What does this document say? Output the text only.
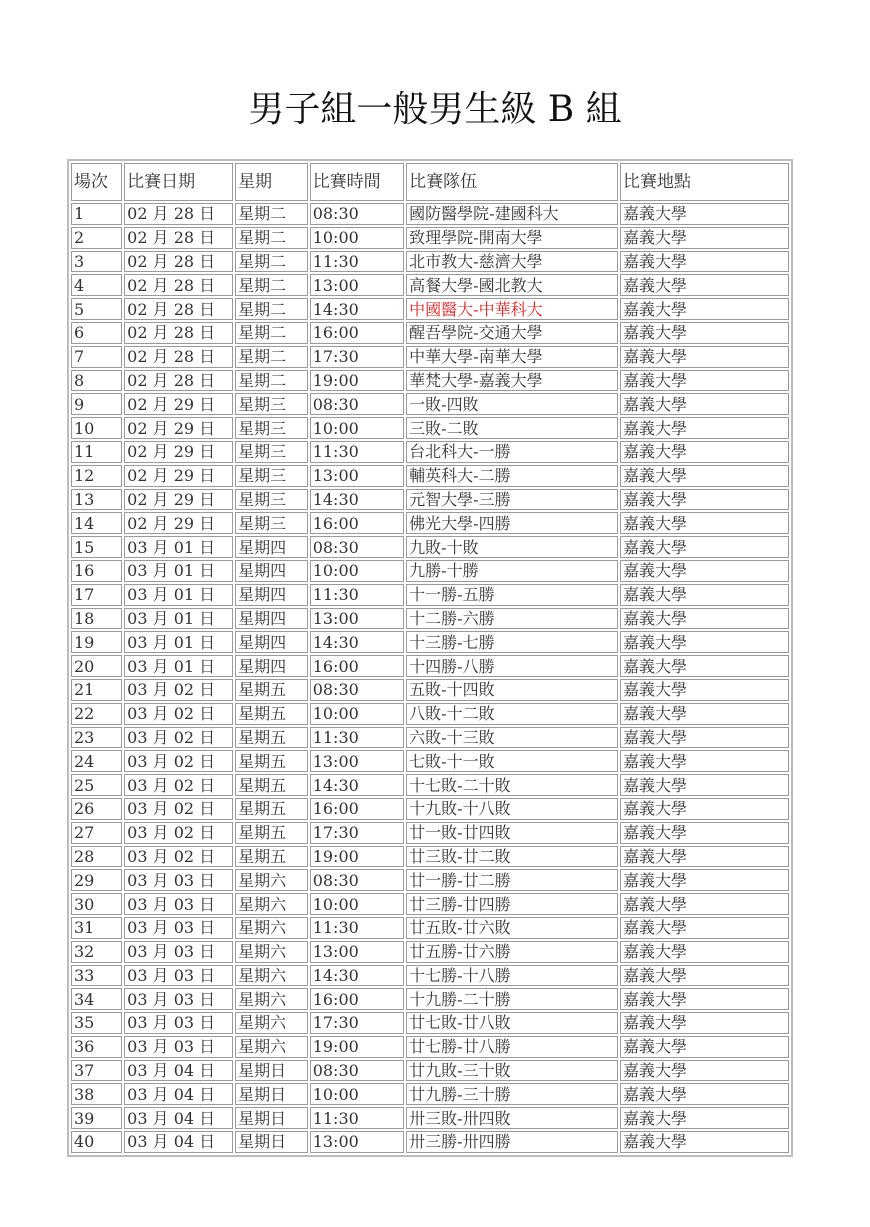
男子組一般男生級 B 組
場次	比賽日期	星期	比賽時間	比賽隊伍	比賽地點
1	02 月 28 日	星期二	08:30	國防醫學院-建國科大	嘉義大學
2	02 月 28 日	星期二	10:00	致理學院-開南大學	嘉義大學
3	02 月 28 日	星期二	11:30	北市教大-慈濟大學	嘉義大學
4	02 月 28 日	星期二	13:00	高餐大學-國北教大	嘉義大學
5	02 月 28 日	星期二	14:30	中國醫大-中華科大	嘉義大學
6	02 月 28 日	星期二	16:00	醒吾學院-交通大學	嘉義大學
7	02 月 28 日	星期二	17:30	中華大學-南華大學	嘉義大學
8	02 月 28 日	星期二	19:00	華梵大學-嘉義大學	嘉義大學
9	02 月 29 日	星期三	08:30	一敗-四敗	嘉義大學
10	02 月 29 日	星期三	10:00	三敗-二敗	嘉義大學
11	02 月 29 日	星期三	11:30	台北科大-一勝	嘉義大學
12	02 月 29 日	星期三	13:00	輔英科大-二勝	嘉義大學
13	02 月 29 日	星期三	14:30	元智大學-三勝	嘉義大學
14	02 月 29 日	星期三	16:00	佛光大學-四勝	嘉義大學
15	03 月 01 日	星期四	08:30	九敗-十敗	嘉義大學
16	03 月 01 日	星期四	10:00	九勝-十勝	嘉義大學
17	03 月 01 日	星期四	11:30	十一勝-五勝	嘉義大學
18	03 月 01 日	星期四	13:00	十二勝-六勝	嘉義大學
19	03 月 01 日	星期四	14:30	十三勝-七勝	嘉義大學
20	03 月 01 日	星期四	16:00	十四勝-八勝	嘉義大學
21	03 月 02 日	星期五	08:30	五敗-十四敗	嘉義大學
22	03 月 02 日	星期五	10:00	八敗-十二敗	嘉義大學
23	03 月 02 日	星期五	11:30	六敗-十三敗	嘉義大學
24	03 月 02 日	星期五	13:00	七敗-十一敗	嘉義大學
25	03 月 02 日	星期五	14:30	十七敗-二十敗	嘉義大學
26	03 月 02 日	星期五	16:00	十九敗-十八敗	嘉義大學
27	03 月 02 日	星期五	17:30	廿一敗-廿四敗	嘉義大學
28	03 月 02 日	星期五	19:00	廿三敗-廿二敗	嘉義大學
29	03 月 03 日	星期六	08:30	廿一勝-廿二勝	嘉義大學
30	03 月 03 日	星期六	10:00	廿三勝-廿四勝	嘉義大學
31	03 月 03 日	星期六	11:30	廿五敗-廿六敗	嘉義大學
32	03 月 03 日	星期六	13:00	廿五勝-廿六勝	嘉義大學
33	03 月 03 日	星期六	14:30	十七勝-十八勝	嘉義大學
34	03 月 03 日	星期六	16:00	十九勝-二十勝	嘉義大學
35	03 月 03 日	星期六	17:30	廿七敗-廿八敗	嘉義大學
36	03 月 03 日	星期六	19:00	廿七勝-廿八勝	嘉義大學
37	03 月 04 日	星期日	08:30	廿九敗-三十敗	嘉義大學
38	03 月 04 日	星期日	10:00	廿九勝-三十勝	嘉義大學
39	03 月 04 日	星期日	11:30	卅三敗-卅四敗	嘉義大學
40	03 月 04 日	星期日	13:00	卅三勝-卅四勝	嘉義大學
